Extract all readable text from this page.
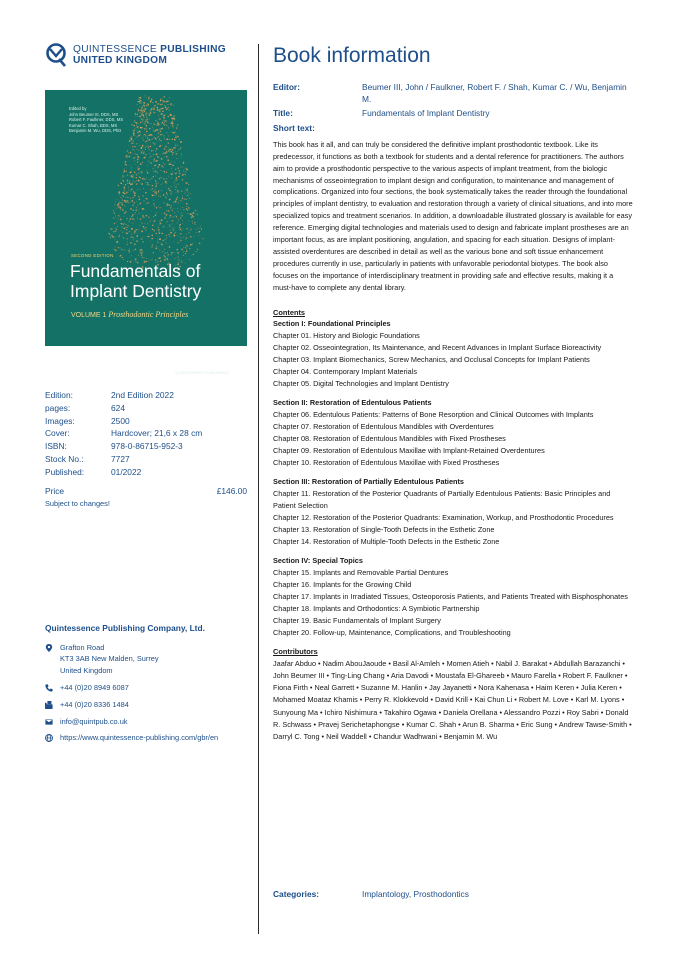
QUINTESSENCE PUBLISHING
UNITED KINGDOM
Edited by
John Beumer III, DDS, MS
Robert F. Faulkner, DDS, MS
Kumar C. Shah, BDS, MS
Benjamin M. Wu, DDS, PhD
SECOND EDITION
Fundamentals of
Implant Dentistry
VOLUME 1 Prosthodontic Principles
QUINTESSENCE PUBLISHING
Edition:	2nd Edition 2022
pages:	624
Images:	2500
Cover:	Hardcover; 21,6 x 28 cm
ISBN:	978-0-86715-952-3
Stock No.:	7727
Published:	01/2022
Price	£146.00
Subject to changes!
Quintessence Publishing Company, Ltd.
Grafton Road
KT3 3AB New Malden, Surrey
United Kingdom
+44 (0)20 8949 6087
+44 (0)20 8336 1484
info@quintpub.co.uk
https://www.quintessence-publishing.com/gbr/en
Book information
Editor:	Beumer III, John / Faulkner, Robert F. / Shah, Kumar C. / Wu, Benjamin M.
Title:	Fundamentals of Implant Dentistry
Short text:
This book has it all, and can truly be considered the definitive implant prosthodontic textbook. Like its predecessor, it functions as both a textbook for students and a dental reference for practitioners. The authors aim to provide a prosthodontic perspective to the various aspects of implant treatment, from the biologic mechanisms of osseointegration to implant design and configuration, to maintenance and management of complications. Organized into four sections, the book systematically takes the reader through the foundational principles of implant dentistry, to evaluation and restoration through a variety of clinical situations, and into more specialized topics and treatment scenarios. In addition, a downloadable illustrated glossary is available for easy reference. Emerging digital technologies and materials used to design and fabricate implant prostheses are an important focus, as are implant positioning, angulation, and spacing for each situation. Designs of implant-assisted overdentures are described in detail as well as the various bone and soft tissue enhancement procedures currently in use, particularly in patients with unfavorable periodontal biotypes. The book also focuses on the importance of interdisciplinary treatment in providing safe and effective results, making it a must-have to complete any dental library.
Contents
Section I: Foundational Principles
Chapter 01. History and Biologic Foundations
Chapter 02. Osseointegration, Its Maintenance, and Recent Advances in Implant Surface Bioreactivity
Chapter 03. Implant Biomechanics, Screw Mechanics, and Occlusal Concepts for Implant Patients
Chapter 04. Contemporary Implant Materials
Chapter 05. Digital Technologies and Implant Dentistry
Section II: Restoration of Edentulous Patients
Chapter 06. Edentulous Patients: Patterns of Bone Resorption and Clinical Outcomes with Implants
Chapter 07. Restoration of Edentulous Mandibles with Overdentures
Chapter 08. Restoration of Edentulous Mandibles with Fixed Prostheses
Chapter 09. Restoration of Edentulous Maxillae with Implant-Retained Overdentures
Chapter 10. Restoration of Edentulous Maxillae with Fixed Prostheses
Section III: Restoration of Partially Edentulous Patients
Chapter 11. Restoration of the Posterior Quadrants of Partially Edentulous Patients: Basic Principles and Patient Selection
Chapter 12. Restoration of the Posterior Quadrants: Examination, Workup, and Prosthodontic Procedures
Chapter 13. Restoration of Single-Tooth Defects in the Esthetic Zone
Chapter 14. Restoration of Multiple-Tooth Defects in the Esthetic Zone
Section IV: Special Topics
Chapter 15. Implants and Removable Partial Dentures
Chapter 16. Implants for the Growing Child
Chapter 17. Implants in Irradiated Tissues, Osteoporosis Patients, and Patients Treated with Bisphosphonates
Chapter 18. Implants and Orthodontics: A Symbiotic Partnership
Chapter 19. Basic Fundamentals of Implant Surgery
Chapter 20. Follow-up, Maintenance, Complications, and Troubleshooting
Contributors
Jaafar Abduo • Nadim AbouJaoude • Basil Al-Amleh • Momen Atieh • Nabil J. Barakat • Abdullah Barazanchi • John Beumer III • Ting-Ling Chang • Aria Davodi • Moustafa El-Ghareeb • Mauro Farella • Robert F. Faulkner • Fiona Firth • Neal Garrett • Suzanne M. Hanlin • Jay Jayanetti • Nora Kahenasa • Haim Keren • Julia Keren • Mohamed Moataz Khamis • Perry R. Klokkevold • David Krill • Kai Chun Li • Robert M. Love • Karl M. Lyons • Sunyoung Ma • Ichiro Nishimura • Takahiro Ogawa • Daniela Orellana • Alessandro Pozzi • Roy Sabri • Donald R. Schwass • Pravej Serichetaphongse • Kumar C. Shah • Arun B. Sharma • Eric Sung • Andrew Tawse-Smith • Darryl C. Tong • Neil Waddell • Chandur Wadhwani • Benjamin M. Wu
Categories:	Implantology, Prosthodontics
